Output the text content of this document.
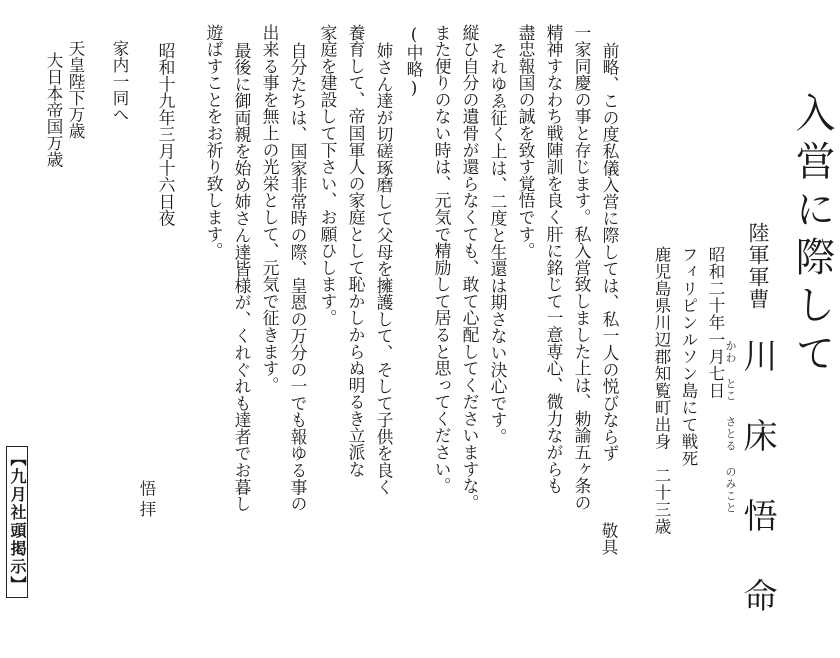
入営に際して
陸軍軍曹
川床悟命
かわ とこ さとる のみこと
昭和二十年一月七日
フィリピンルソン島にて戦死
鹿児島県川辺郡知覧町出身　二十三歳
前略、この度私儀入営に際しては、私一人の悦びならず
一家同慶の事と存じます。私入営致しました上は、勅諭五ヶ条の
精神すなわち戦陣訓を良く肝に銘じて一意専心、微力ながらも
盡忠報国の誠を致す覚悟です。
それゆゑ征く上は、二度と生還は期さない決心です。
縦ひ自分の遺骨が還らなくても、敢て心配してくださいますな。
また便りのない時は、元気で精励して居ると思ってください。
(中略)
姉さん達が切磋琢磨して父母を擁護して、そして子供を良く
養育して、帝国軍人の家庭として恥かしからぬ明るき立派な
家庭を建設して下さい、お願ひします。
自分たちは、国家非常時の際、皇恩の万分の一でも報ゆる事の
出来る事を無上の光栄として、元気で征きます。
最後に御両親を始め姉さん達皆様が、くれぐれも達者でお暮し
遊ばすことをお祈り致します。
昭和十九年三月十六日夜
敬具
悟拝
家内一同へ
天皇陛下万歳
大日本帝国万歳
【九月社頭掲示】
